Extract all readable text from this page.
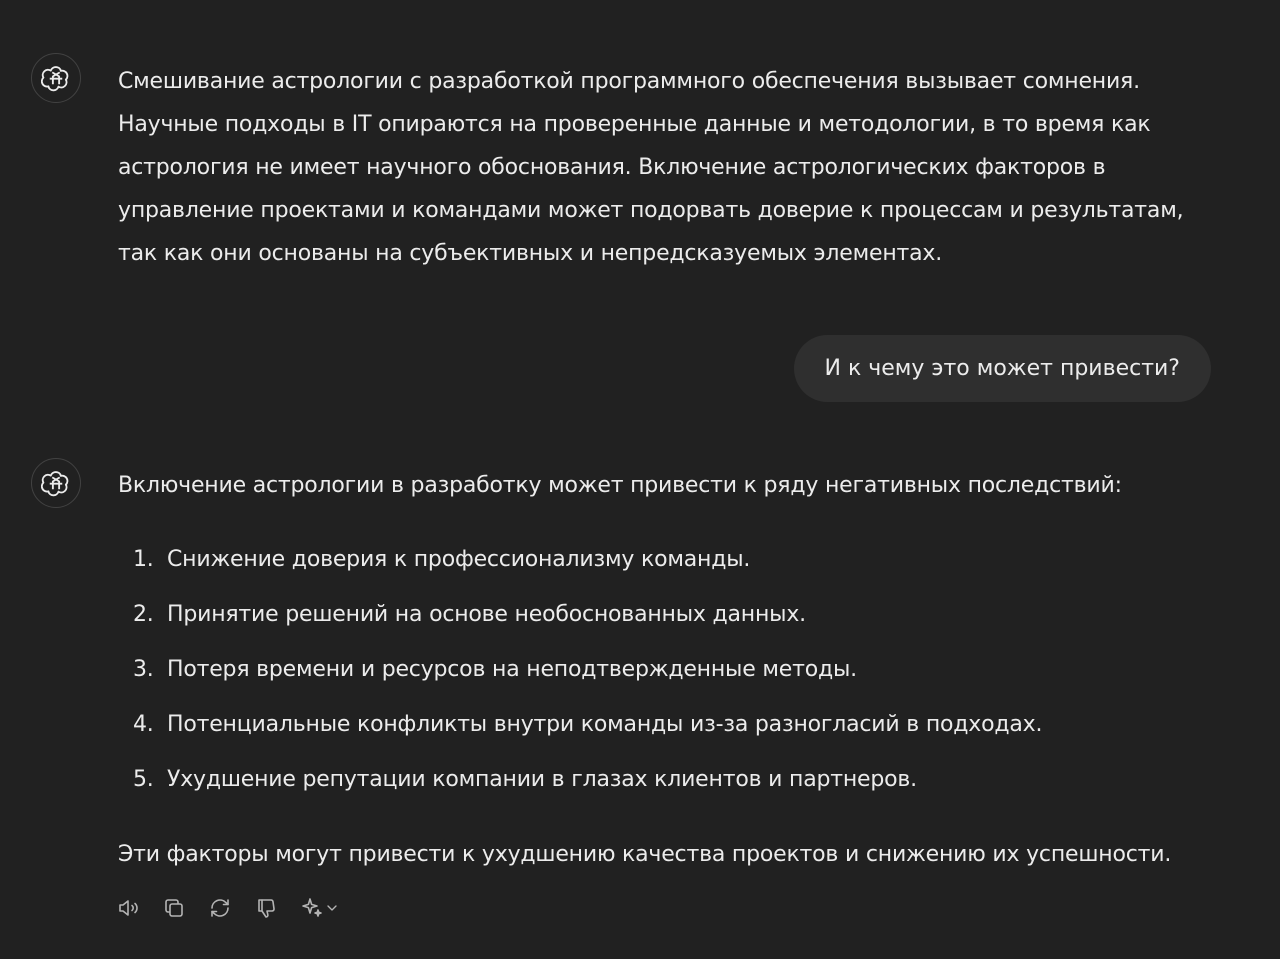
Смешивание астрологии с разработкой программного обеспечения вызывает сомнения. Научные подходы в IT опираются на проверенные данные и методологии, в то время как астрология не имеет научного обоснования. Включение астрологических факторов в управление проектами и командами может подорвать доверие к процессам и результатам, так как они основаны на субъективных и непредсказуемых элементах.
И к чему это может привести?
Включение астрологии в разработку может привести к ряду негативных последствий:
1. Снижение доверия к профессионализму команды.
2. Принятие решений на основе необоснованных данных.
3. Потеря времени и ресурсов на неподтвержденные методы.
4. Потенциальные конфликты внутри команды из-за разногласий в подходах.
5. Ухудшение репутации компании в глазах клиентов и партнеров.
Эти факторы могут привести к ухудшению качества проектов и снижению их успешности.
